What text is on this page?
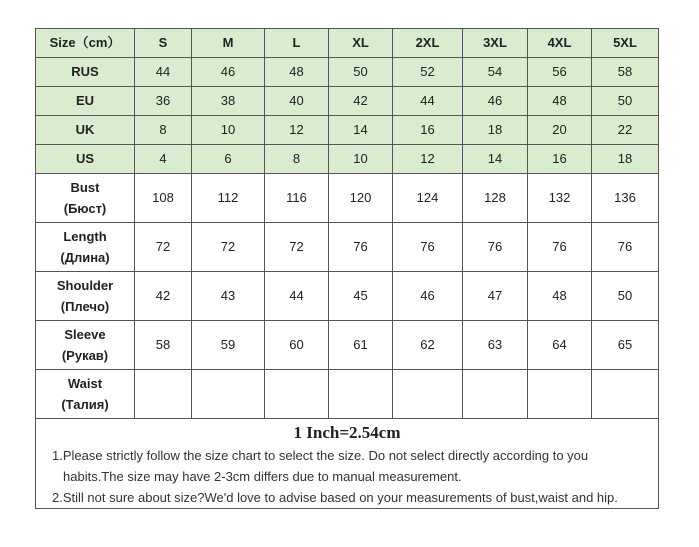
Size（cm）	S	M	L	XL	2XL	3XL	4XL	5XL
RUS	44	46	48	50	52	54	56	58
EU	36	38	40	42	44	46	48	50
UK	8	10	12	14	16	18	20	22
US	4	6	8	10	12	14	16	18

Bust
(Бюст)	108	112	116	120	124	128	132	136

Length
(Длина)	72	72	72	76	76	76	76	76

Shoulder
(Плечо)	42	43	44	45	46	47	48	50

Sleeve
(Рукав)	58	59	60	61	62	63	64	65

Waist
(Талия)								

1 Inch=2.54cm
1.Please strictly follow the size chart to select the size. Do not select directly according to you
habits.The size may have 2-3cm differs due to manual measurement.
2.Still not sure about size?We'd love to advise based on your measurements of bust,waist and hip.								
